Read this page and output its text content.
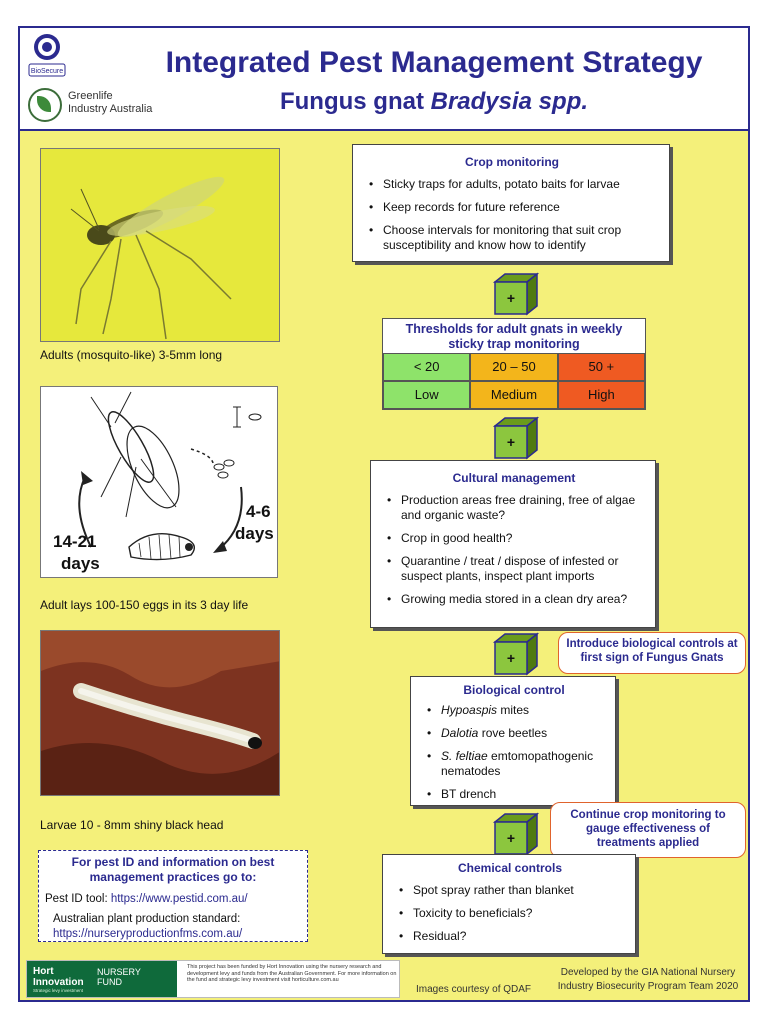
BioSecure
Greenlife
Industry Australia
Integrated Pest Management Strategy
Fungus gnat Bradysia spp.
Adults (mosquito-like) 3-5mm long
14-21
days
4-6
days
Adult lays 100-150 eggs in its 3 day life
Larvae 10 - 8mm shiny black head
Crop monitoring
• Sticky traps for adults, potato baits for larvae
• Keep records for future reference
• Choose intervals for monitoring that suit crop susceptibility and know how to identify
+
Thresholds for adult gnats in weekly sticky trap monitoring
< 20	20 – 50	50 +
Low	Medium	High
+
Cultural management
• Production areas free draining, free of algae and organic waste?
• Crop in good health?
• Quarantine / treat / dispose of infested or suspect plants, inspect plant imports
• Growing media stored in a clean dry area?
+
Introduce biological controls at first sign of Fungus Gnats
Biological control
• Hypoaspis mites
• Dalotia rove beetles
• S. feltiae emtomopathogenic nematodes
• BT drench
Continue crop monitoring to gauge effectiveness of treatments applied
+
Chemical controls
• Spot spray rather than blanket
• Toxicity to beneficials?
• Residual?
For pest ID and information on best management practices go to:
Pest ID tool: https://www.pestid.com.au/
Australian plant production standard:
https://nurseryproductionfms.com.au/
Hort
Innovation
Strategic levy investment
NURSERY
FUND
This project has been funded by Hort Innovation using the nursery research and development levy and funds from the Australian Government. For more information on the fund and strategic levy investment visit horticulture.com.au
Images courtesy of QDAF
Developed by the GIA National Nursery Industry Biosecurity Program Team 2020
